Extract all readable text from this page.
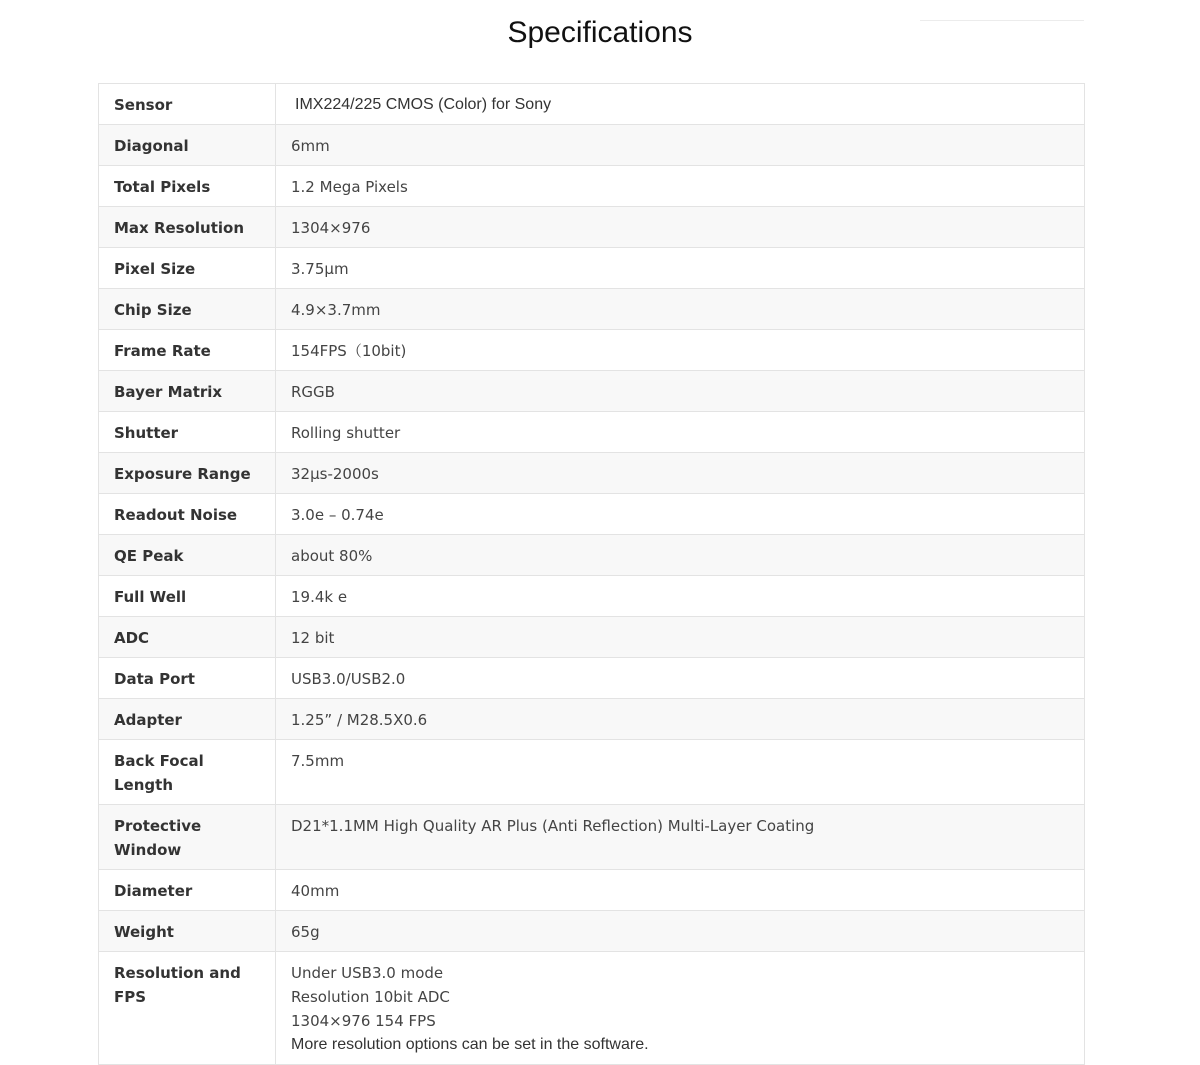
Specifications
Sensor	IMX224/225 CMOS (Color) for Sony
Diagonal	6mm
Total Pixels	1.2 Mega Pixels
Max Resolution	1304×976
Pixel Size	3.75μm
Chip Size	4.9×3.7mm
Frame Rate	154FPS（10bit)
Bayer Matrix	RGGB
Shutter	Rolling shutter
Exposure Range	32μs-2000s
Readout Noise	3.0e – 0.74e
QE Peak	about 80%
Full Well	19.4k e
ADC	12 bit
Data Port	USB3.0/USB2.0
Adapter	1.25” / M28.5X0.6
Back Focal Length	7.5mm
Protective Window	D21*1.1MM High Quality AR Plus (Anti Reflection) Multi-Layer Coating
Diameter	40mm
Weight	65g
Resolution and FPS	Under USB3.0 mode
Resolution 10bit ADC
1304×976 154 FPS
More resolution options can be set in the software.
